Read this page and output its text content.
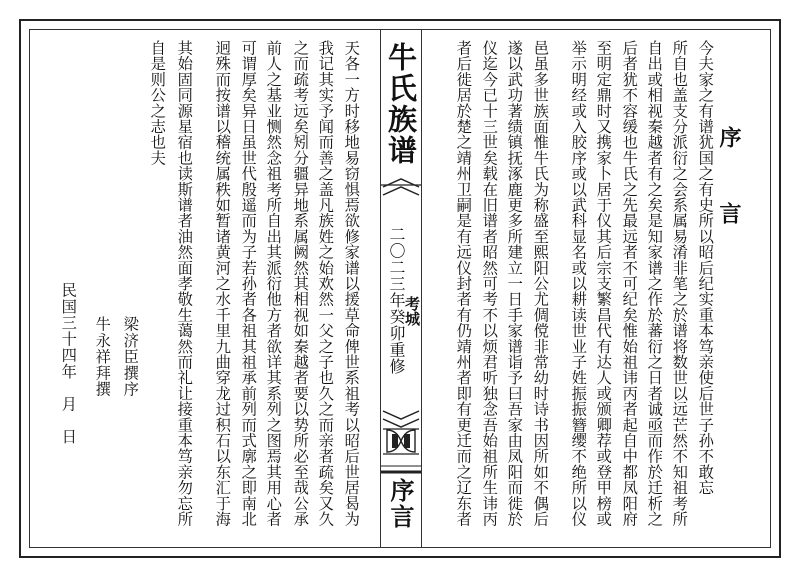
序 言
今夫家之有谱犹国之有史所以昭后纪实重本笃亲使后世子孙不敢忘
所自也盖支分派衍之会系属易淆非笔之於谱将数世以远芒然不知祖考所
自出或相视秦越者有之矣是知家谱之作於蕃衍之日者诚亟而作於迁析之
后者犹不容缓也牛氏之先最远者不可纪矣惟始祖讳丙者起自中都凤阳府
至明定鼎时又携家卜居于仪其后宗支繁昌代有达人或颁卿荐或登甲榜或
举示明经或入胶序或以武科显名或以耕读世业子姓振振簪缨不绝所以仪
邑虽多世族面惟牛氏为称盛至熙阳公尤倜傥非常幼时诗书因所如不偶后
遂以武功著绩镇抚涿鹿更多所建立一日手家谱诣予曰吾家由凤阳而徙於
仪迄今已十三世矣载在旧谱者昭然可考不以烦君听独念吾始祖所生讳丙
者后徙居於楚之靖州卫嗣是有远仪封者有仍靖州者即有更迁而之辽东者
牛氏族谱
二〇二三年癸卯重修
考城
序言
天各一方时移地易窃惧焉欲修家谱以援草命俾世系祖考以昭后世居曷为
我记其实予闻而善之盖凡族姓之始欢然一父之子也久之而亲者疏矣又久
之而疏考远矣矧分疆异地系属阙然其相视如秦越者要以势所必至哉公承
前人之基业恻然念祖考所自出其派衍他方者欲详其系列之图焉其用心者
可谓厚矣异日虽世代殷遥而为子若孙者各祖其祖承前列而式廓之即南北
迥殊而按谱以稽统属秩如暂诸黄河之水千里九曲穿龙过积石以东汇于海
其始固同源星宿也读斯谱者油然面孝敬生蔼然而礼让接重本笃亲勿忘所
自是则公之志也夫
梁济臣撰序
牛永祥拜撰
民国三十四年　月　日
